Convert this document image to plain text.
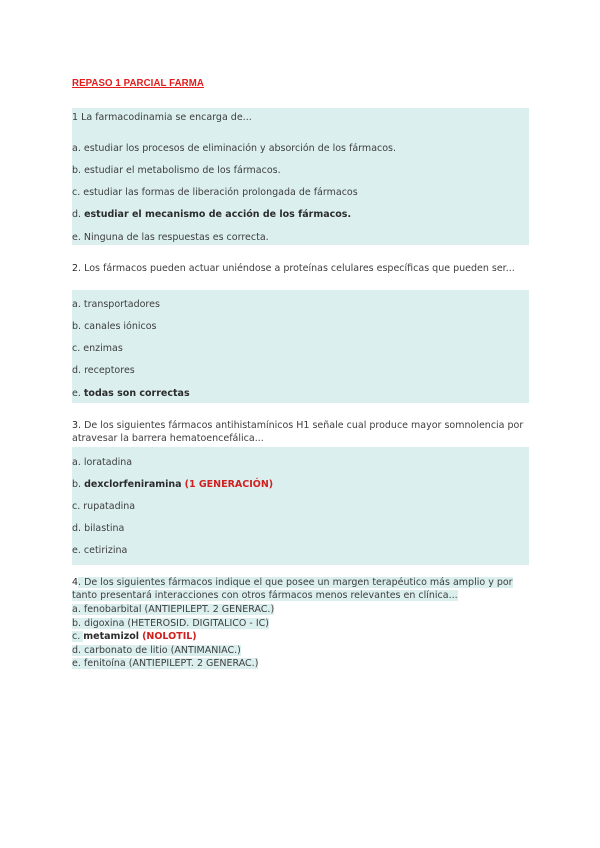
REPASO 1 PARCIAL FARMA
1 La farmacodinamia se encarga de...
a. estudiar los procesos de eliminación y absorción de los fármacos.
b. estudiar el metabolismo de los fármacos.
c. estudiar las formas de liberación prolongada de fármacos
d. estudiar el mecanismo de acción de los fármacos.
e. Ninguna de las respuestas es correcta.
2. Los fármacos pueden actuar uniéndose a proteínas celulares específicas que pueden ser...
a. transportadores
b. canales iónicos
c. enzimas
d. receptores
e. todas son correctas
3. De los siguientes fármacos antihistamínicos H1 señale cual produce mayor somnolencia por atravesar la barrera hematoencefálica...
a. loratadina
b. dexclorfeniramina (1 GENERACIÓN)
c. rupatadina
d. bilastina
e. cetirizina
4. De los siguientes fármacos indique el que posee un margen terapéutico más amplio y por tanto presentará interacciones con otros fármacos menos relevantes en clínica...
a. fenobarbital (ANTIEPILEPT. 2 GENERAC.)
b. digoxina (HETEROSID. DIGITALICO - IC)
c. metamizol (NOLOTIL)
d. carbonato de litio (ANTIMANIAC.)
e. fenitoína (ANTIEPILEPT. 2 GENERAC.)
